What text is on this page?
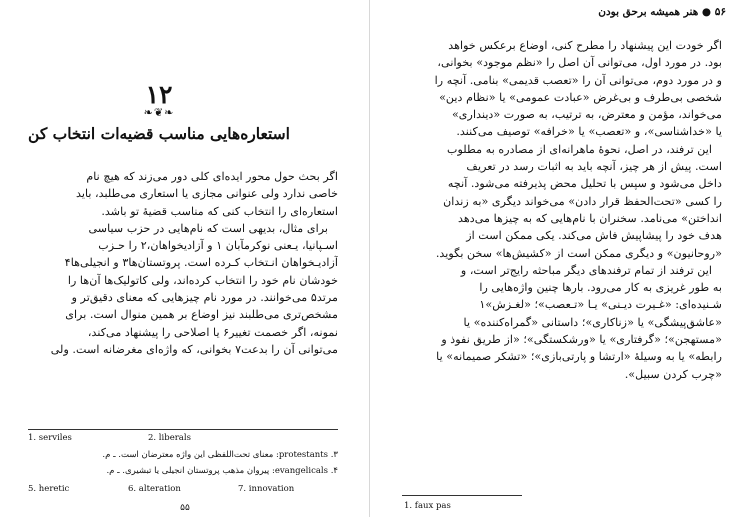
۱۲
❧❦❧
استعاره‌هایی مناسب قضیه‌ات انتخاب کن
اگر بحث حول محور ایده‌ای کلی دور می‌زند که هیچ نام
خاصی ندارد ولی عنوانی مجازی یا استعاری می‌طلبد، باید
استعاره‌ای را انتخاب کنی که مناسب قضیهٔ تو باشد.
برای مثال، بدیهی است که نام‌هایی در حزب سیاسی
اسـپانیا، یـعنی نوکرمآبان ۱ و آزادیخواهان،۲ را حـزب
آزادیـخواهان انـتخاب کـرده است. پروتستان‌ها۳ و انجیلی‌ها۴
خودشان نام خود را انتخاب کرده‌اند، ولی کاتولیک‌ها آن‌ها را
مرتد۵ می‌خوانند. در مورد نام چیزهایی که معنای دقیق‌تر و
مشخص‌تری می‌طلبند نیز اوضاع بر همین منوال است. برای
نمونه، اگر خصمت تغییر۶ یا اصلاحی را پیشنهاد می‌کند،
می‌توانی آن را بدعت۷ بخوانی، که واژه‌ای مغرضانه است. ولی
1. serviles	2. liberals
۳. protestants: معنای تحت‌اللفظی این واژه معترضان است. ـ م.
۴. evangelicals: پیروان مذهب پروتستان انجیلی یا تبشیری. ـ م.
5. heretic	6. alteration	7. innovation
۵۵
۵۶ ● هنر همیشه برحق بودن
اگر خودت این پیشنهاد را مطرح کنی، اوضاع برعکس خواهد
بود. در مورد اول، می‌توانی آن اصل را «نظم موجود» بخوانی،
و در مورد دوم، می‌توانی آن را «تعصب قدیمی» بنامی. آنچه را
شخصی بی‌طرف و بی‌غرض «عبادت عمومی» یا «نظام دین»
می‌خواند، مؤمن و معترض، به ترتیب، به صورت «دینداری»
یا «خداشناسی»، و «تعصب» یا «خرافه» توصیف می‌کنند.
این ترفند، در اصل، نحوهٔ ماهرانه‌ای از مصادره به مطلوب
است. پیش از هر چیز، آنچه باید به اثبات رسد در تعریف
داخل می‌شود و سپس با تحلیل محض پذیرفته می‌شود. آنچه
را کسی «تحت‌الحفظ قرار دادن» می‌خواند دیگری «به زندان
انداختن» می‌نامد. سخنران با نام‌هایی که به چیزها می‌دهد
هدف خود را پیشاپیش فاش می‌کند. یکی ممکن است از
«روحانیون» و دیگری ممکن است از «کشیش‌ها» سخن بگوید.
این ترفند از تمام ترفندهای دیگر مباحثه رایج‌تر است، و
به طور غریزی به کار می‌رود. بارها چنین واژه‌هایی را
شـنیده‌ای: «غـیرت دیـنی» یـا «تـعصب»؛ «لغـزش»۱
«عاشق‌پیشگی» یا «زناکاری»؛ داستانی «گمراه‌کننده» یا
«مستهجن»؛ «گرفتاری» یا «ورشکستگی»؛ «از طریق نفوذ و
رابطه» یا به وسیلهٔ «ارتشا و پارتی‌بازی»؛ «تشکر صمیمانه» یا
«چرب کردن سبیل».
1. faux pas
